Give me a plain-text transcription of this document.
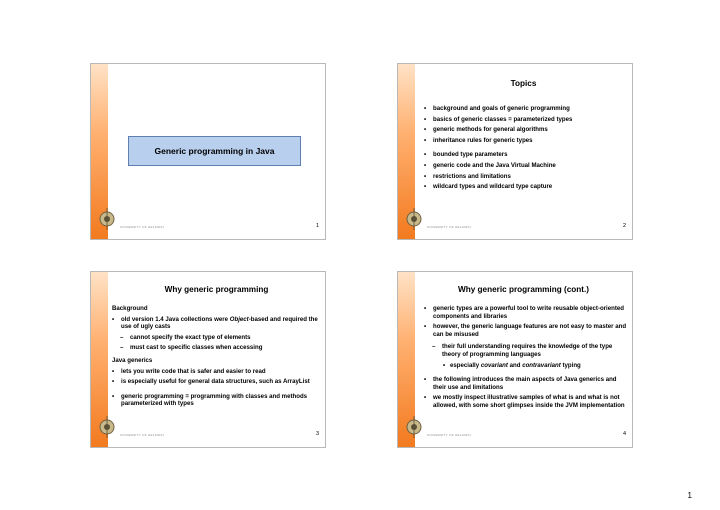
Generic programming in Java
UNIVERSITY OF HELSINKI	1
Topics
• background and goals of generic programming
• basics of generic classes = parameterized types
• generic methods for general algorithms
• inheritance rules for generic types
• bounded type parameters
• generic code and the Java Virtual Machine
• restrictions and limitations
• wildcard types and wildcard type capture
UNIVERSITY OF HELSINKI	2
Why generic programming
Background
• old version 1.4 Java collections were Object-based and required the use of ugly casts
– cannot specify the exact type of elements
– must cast to specific classes when accessing
Java generics
• lets you write code that is safer and easier to read
• is especially useful for general data structures, such as ArrayList
• generic programming = programming with classes and methods parameterized with types
UNIVERSITY OF HELSINKI	3
Why generic programming (cont.)
• generic types are a powerful tool to write reusable object-oriented components and libraries
• however, the generic language features are not easy to master and can be misused
– their full understanding requires the knowledge of the type theory of programming languages
• especially covariant and contravariant typing
• the following introduces the main aspects of Java generics and their use and limitations
• we mostly inspect illustrative samples of what is and what is not allowed, with some short glimpses inside the JVM implementation
UNIVERSITY OF HELSINKI	4
1
